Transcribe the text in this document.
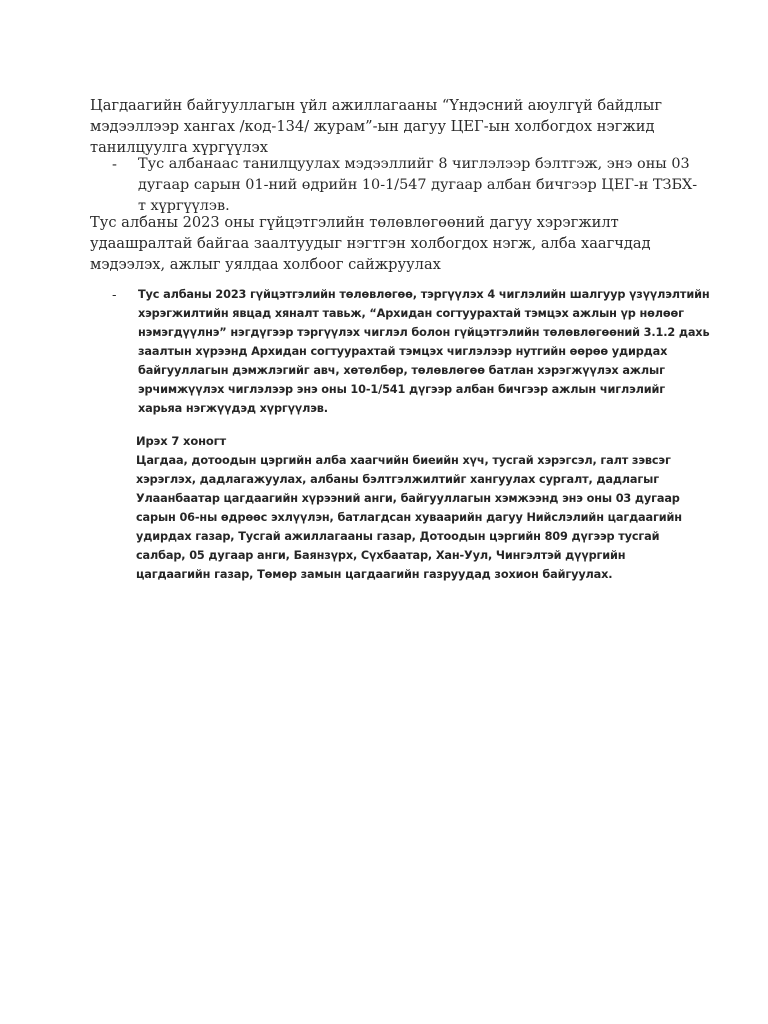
Цагдаагийн байгууллагын үйл ажиллагааны “Үндэсний аюулгүй байдлыг мэдээллээр хангах /код-134/ журам”-ын дагуу ЦЕГ-ын холбогдох нэгжид танилцуулга хүргүүлэх

-	Тус албанаас танилцуулах мэдээллийг 8 чиглэлээр бэлтгэж, энэ оны 03 дугаар сарын 01-ний өдрийн 10-1/547 дугаар албан бичгээр ЦЕГ-н ТЗБХ-т хүргүүлэв.

Тус албаны 2023 оны гүйцэтгэлийн төлөвлөгөөний дагуу хэрэгжилт удаашралтай байгаа заалтуудыг нэгтгэн холбогдох нэгж, алба хаагчдад мэдээлэх, ажлыг уялдаа холбоог сайжруулах

-	Тус албаны 2023 гүйцэтгэлийн төлөвлөгөө, тэргүүлэх 4 чиглэлийн шалгуур үзүүлэлтийн хэрэгжилтийн явцад хяналт тавьж, “Архидан согтуурахтай тэмцэх ажлын үр нөлөөг нэмэгдүүлнэ” нэгдүгээр тэргүүлэх чиглэл болон гүйцэтгэлийн төлөвлөгөөний 3.1.2 дахь заалтын хүрээнд Архидан согтуурахтай тэмцэх чиглэлээр нутгийн өөрөө удирдах байгууллагын дэмжлэгийг авч, хөтөлбөр, төлөвлөгөө батлан хэрэгжүүлэх ажлыг эрчимжүүлэх чиглэлээр энэ оны 10-1/541 дүгээр албан бичгээр ажлын чиглэлийг харьяа нэгжүүдэд хүргүүлэв.
Ирэх 7 хоногт
Цагдаа, дотоодын цэргийн алба хаагчийн биеийн хүч, тусгай хэрэгсэл, галт зэвсэг хэрэглэх, дадлагажуулах, албаны бэлтгэлжилтийг хангуулах сургалт, дадлагыг Улаанбаатар цагдаагийн хүрээний анги, байгууллагын хэмжээнд энэ оны 03 дугаар сарын 06-ны өдрөөс эхлүүлэн, батлагдсан хуваарийн дагуу Нийслэлийн цагдаагийн удирдах газар, Тусгай ажиллагааны газар, Дотоодын цэргийн 809 дүгээр тусгай салбар, 05 дугаар анги, Баянзүрх, Сүхбаатар, Хан-Уул, Чингэлтэй дүүргийн цагдаагийн газар, Төмөр замын цагдаагийн газруудад зохион байгуулах.
